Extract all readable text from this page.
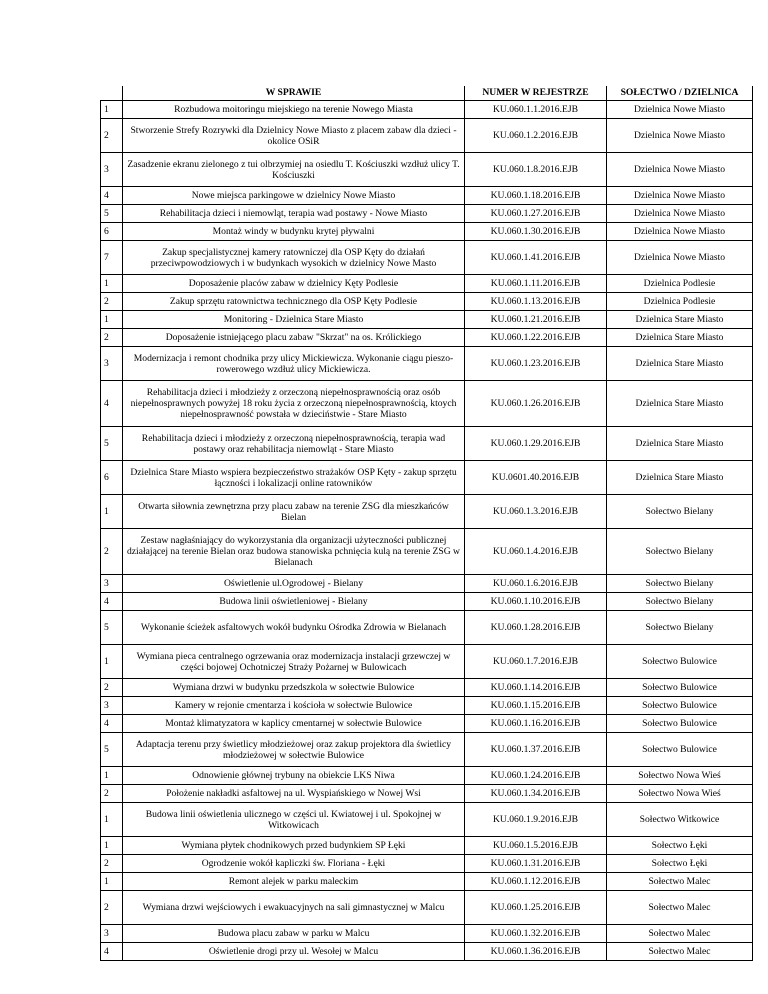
	W SPRAWIE	NUMER W REJESTRZE	SOŁECTWO / DZIELNICA
1	Rozbudowa moitoringu miejskiego na terenie Nowego Miasta	KU.060.1.1.2016.EJB	Dzielnica Nowe Miasto
2	Stworzenie Strefy Rozrywki dla Dzielnicy Nowe Miasto z placem zabaw dla dzieci - okolice OSiR	KU.060.1.2.2016.EJB	Dzielnica Nowe Miasto
3	Zasadzenie ekranu zielonego z tui olbrzymiej na osiedlu T. Kościuszki wzdłuż ulicy T. Kościuszki	KU.060.1.8.2016.EJB	Dzielnica Nowe Miasto
4	Nowe miejsca parkingowe w dzielnicy Nowe Miasto	KU.060.1.18.2016.EJB	Dzielnica Nowe Miasto
5	Rehabilitacja dzieci i niemowląt, terapia wad postawy - Nowe Miasto	KU.060.1.27.2016.EJB	Dzielnica Nowe Miasto
6	Montaż windy w budynku krytej pływalni	KU.060.1.30.2016.EJB	Dzielnica Nowe Miasto
7	Zakup specjalistycznej kamery ratowniczej dla OSP Kęty do działań przeciwpowodziowych i w budynkach wysokich w dzielnicy Nowe Masto	KU.060.1.41.2016.EJB	Dzielnica Nowe Miasto
1	Doposażenie placów zabaw w dzielnicy Kęty Podlesie	KU.060.1.11.2016.EJB	Dzielnica Podlesie
2	Zakup sprzętu ratownictwa technicznego dla OSP Kęty Podlesie	KU.060.1.13.2016.EJB	Dzielnica Podlesie
1	Monitoring - Dzielnica Stare Miasto	KU.060.1.21.2016.EJB	Dzielnica Stare Miasto
2	Doposażenie istniejącego placu zabaw "Skrzat" na os. Królickiego	KU.060.1.22.2016.EJB	Dzielnica Stare Miasto
3	Modernizacja i remont chodnika przy ulicy Mickiewicza. Wykonanie ciągu pieszo-rowerowego wzdłuż ulicy Mickiewicza.	KU.060.1.23.2016.EJB	Dzielnica Stare Miasto
4	Rehabilitacja dzieci i młodzieży z orzeczoną niepełnosprawnością oraz osób niepełnosprawnych powyżej 18 roku życia z orzeczoną niepełnosprawnością, ktoych niepełnosprawność powstała w dzieciństwie - Stare Miasto	KU.060.1.26.2016.EJB	Dzielnica Stare Miasto
5	Rehabilitacja dzieci i młodzieży z orzeczoną niepełnosprawnością, terapia wad postawy oraz rehabilitacja niemowląt - Stare Miasto	KU.060.1.29.2016.EJB	Dzielnica Stare Miasto
6	Dzielnica Stare Miasto wspiera bezpieczeństwo strażaków OSP Kęty - zakup sprzętu łączności i lokalizacji online ratowników	KU.0601.40.2016.EJB	Dzielnica Stare Miasto
1	Otwarta siłownia zewnętrzna przy placu zabaw na terenie ZSG dla mieszkańców Bielan	KU.060.1.3.2016.EJB	Sołectwo Bielany
2	Zestaw nagłaśniający do wykorzystania dla organizacji użyteczności publicznej działającej na terenie Bielan oraz budowa stanowiska pchnięcia kulą na terenie ZSG w Bielanach	KU.060.1.4.2016.EJB	Sołectwo Bielany
3	Oświetlenie ul.Ogrodowej - Bielany	KU.060.1.6.2016.EJB	Sołectwo Bielany
4	Budowa linii oświetleniowej - Bielany	KU.060.1.10.2016.EJB	Sołectwo Bielany
5	Wykonanie ścieżek asfaltowych wokół budynku Ośrodka Zdrowia w Bielanach	KU.060.1.28.2016.EJB	Sołectwo Bielany
1	Wymiana pieca centralnego ogrzewania oraz modernizacja instalacji grzewczej w części bojowej Ochotniczej Straży Pożarnej w Bulowicach	KU.060.1.7.2016.EJB	Sołectwo Bulowice
2	Wymiana drzwi w budynku przedszkola w sołectwie Bulowice	KU.060.1.14.2016.EJB	Sołectwo Bulowice
3	Kamery w rejonie cmentarza i kościoła w sołectwie Bulowice	KU.060.1.15.2016.EJB	Sołectwo Bulowice
4	Montaż klimatyzatora w kaplicy cmentarnej w sołectwie Bulowice	KU.060.1.16.2016.EJB	Sołectwo Bulowice
5	Adaptacja terenu przy świetlicy młodzieżowej oraz zakup projektora dla świetlicy młodzieżowej w sołectwie Bulowice	KU.060.1.37.2016.EJB	Sołectwo Bulowice
1	Odnowienie głównej trybuny na obiekcie LKS Niwa	KU.060.1.24.2016.EJB	Sołectwo Nowa Wieś
2	Położenie nakładki asfaltowej na ul. Wyspiańskiego w Nowej Wsi	KU.060.1.34.2016.EJB	Sołectwo Nowa Wieś
1	Budowa linii oświetlenia ulicznego w części ul. Kwiatowej i ul. Spokojnej w Witkowicach	KU.060.1.9.2016.EJB	Sołectwo Witkowice
1	Wymiana płytek chodnikowych przed budynkiem SP Łęki	KU.060.1.5.2016.EJB	Sołectwo Łęki
2	Ogrodzenie wokół kapliczki św. Floriana - Łęki	KU.060.1.31.2016.EJB	Sołectwo Łęki
1	Remont alejek w parku maleckim	KU.060.1.12.2016.EJB	Sołectwo Malec
2	Wymiana drzwi wejściowych i ewakuacyjnych na sali gimnastycznej w Malcu	KU.060.1.25.2016.EJB	Sołectwo Malec
3	Budowa placu zabaw w parku w Malcu	KU.060.1.32.2016.EJB	Sołectwo Malec
4	Oświetlenie drogi przy ul. Wesołej w Malcu	KU.060.1.36.2016.EJB	Sołectwo Malec
